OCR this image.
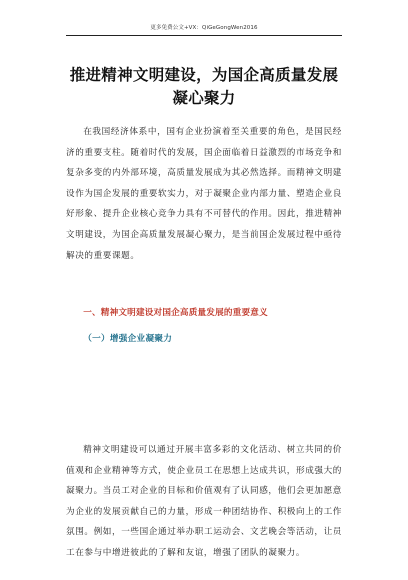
更多免费公文+VX：QiGeGongWen2016
推进精神文明建设，为国企高质量发展凝心聚力

在我国经济体系中，国有企业扮演着至关重要的角色，是国民经济的重要支柱。随着时代的发展，国企面临着日益激烈的市场竞争和复杂多变的内外部环境，高质量发展成为其必然选择。而精神文明建设作为国企发展的重要软实力，对于凝聚企业内部力量、塑造企业良好形象、提升企业核心竞争力具有不可替代的作用。因此，推进精神文明建设，为国企高质量发展凝心聚力，是当前国企发展过程中亟待解决的重要课题。

一、精神文明建设对国企高质量发展的重要意义
（一）增强企业凝聚力

精神文明建设可以通过开展丰富多彩的文化活动、树立共同的价值观和企业精神等方式，使企业员工在思想上达成共识，形成强大的凝聚力。当员工对企业的目标和价值观有了认同感，他们会更加愿意为企业的发展贡献自己的力量，形成一种团结协作、积极向上的工作氛围。例如，一些国企通过举办职工运动会、文艺晚会等活动，让员工在参与中增进彼此的了解和友谊，增强了团队的凝聚力。
